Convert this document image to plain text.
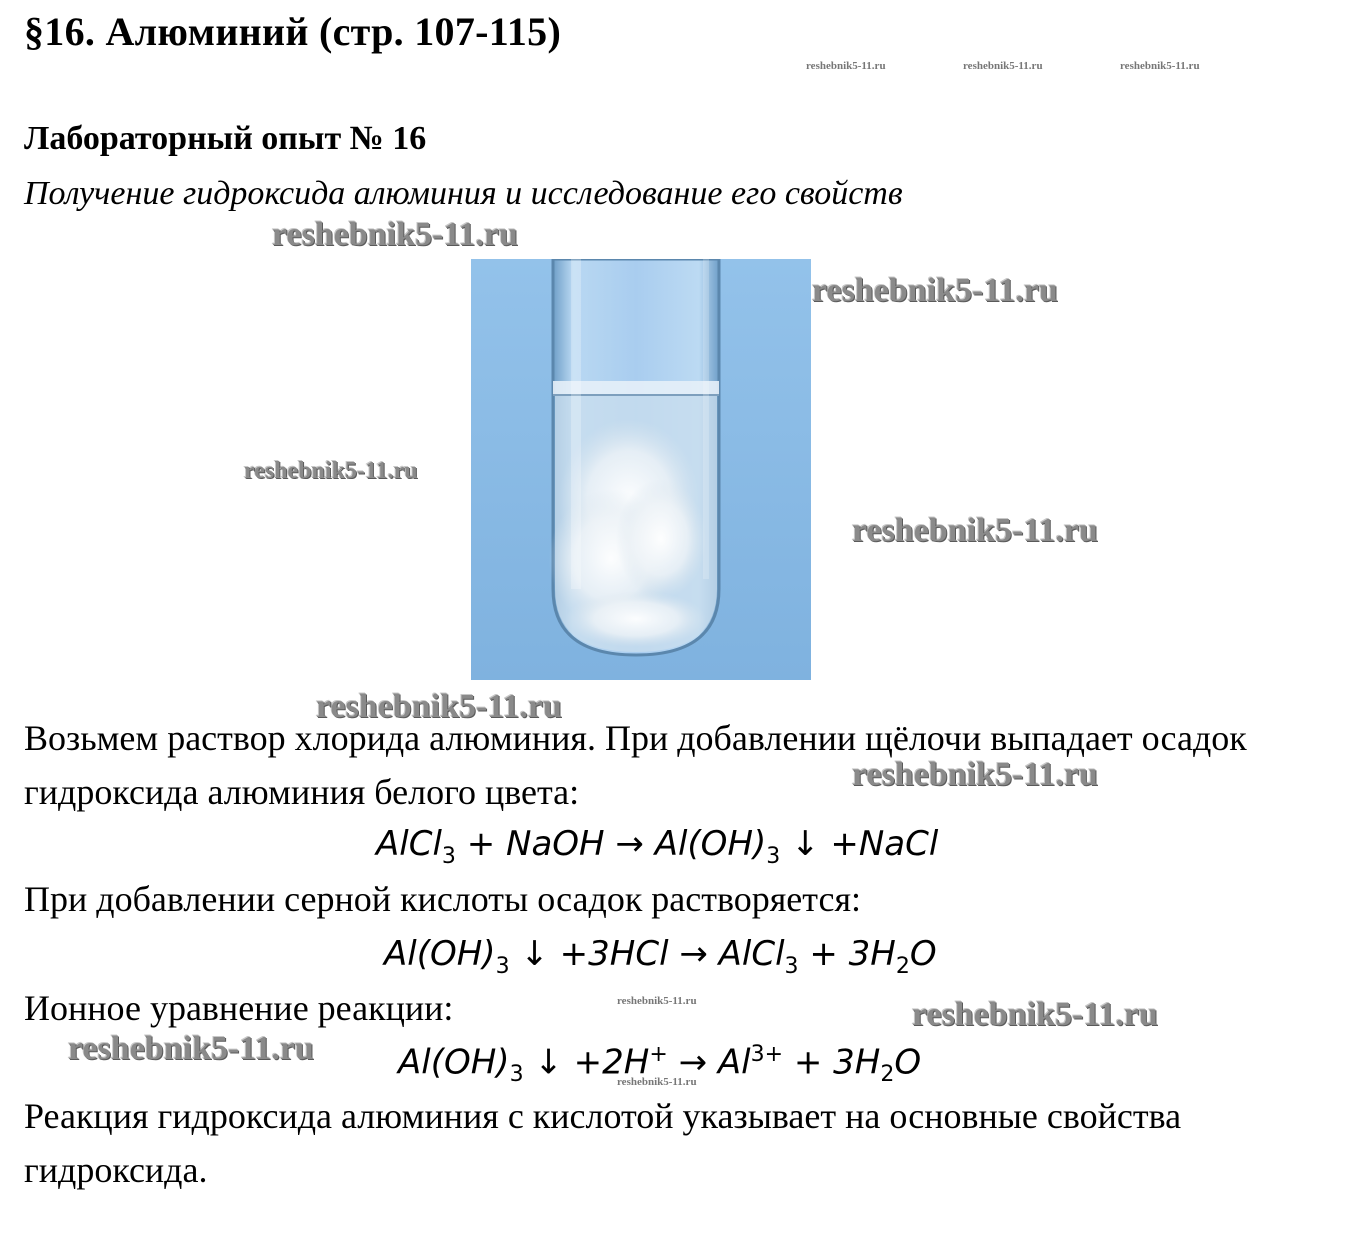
§16. Алюминий (стр. 107-115)
reshebnik5-11.ru	reshebnik5-11.ru	reshebnik5-11.ru
Лабораторный опыт № 16
Получение гидроксида алюминия и исследование его свойств
reshebnik5-11.ru
reshebnik5-11.ru
reshebnik5-11.ru
reshebnik5-11.ru
reshebnik5-11.ru
Возьмем раствор хлорида алюминия. При добавлении щёлочи выпадает осадок гидроксида алюминия белого цвета:	reshebnik5-11.ru
AlCl$_3$ + NaOH → $Al(OH)_3$ ↓ +NaCl
При добавлении серной кислоты осадок растворяется:
$Al(OH)_3$ ↓ +3HCl → AlCl$_3$ + $3H_2O$
Ионное уравнение реакции:	reshebnik5-11.ru	reshebnik5-11.ru
reshebnik5-11.ru $Al(OH)_3$ ↓ $+2H^+ \to Al^{3+} + 3H_2O$
reshebnik5-11.ru
Реакция гидроксида алюминия с кислотой указывает на основные свойства гидроксида.
